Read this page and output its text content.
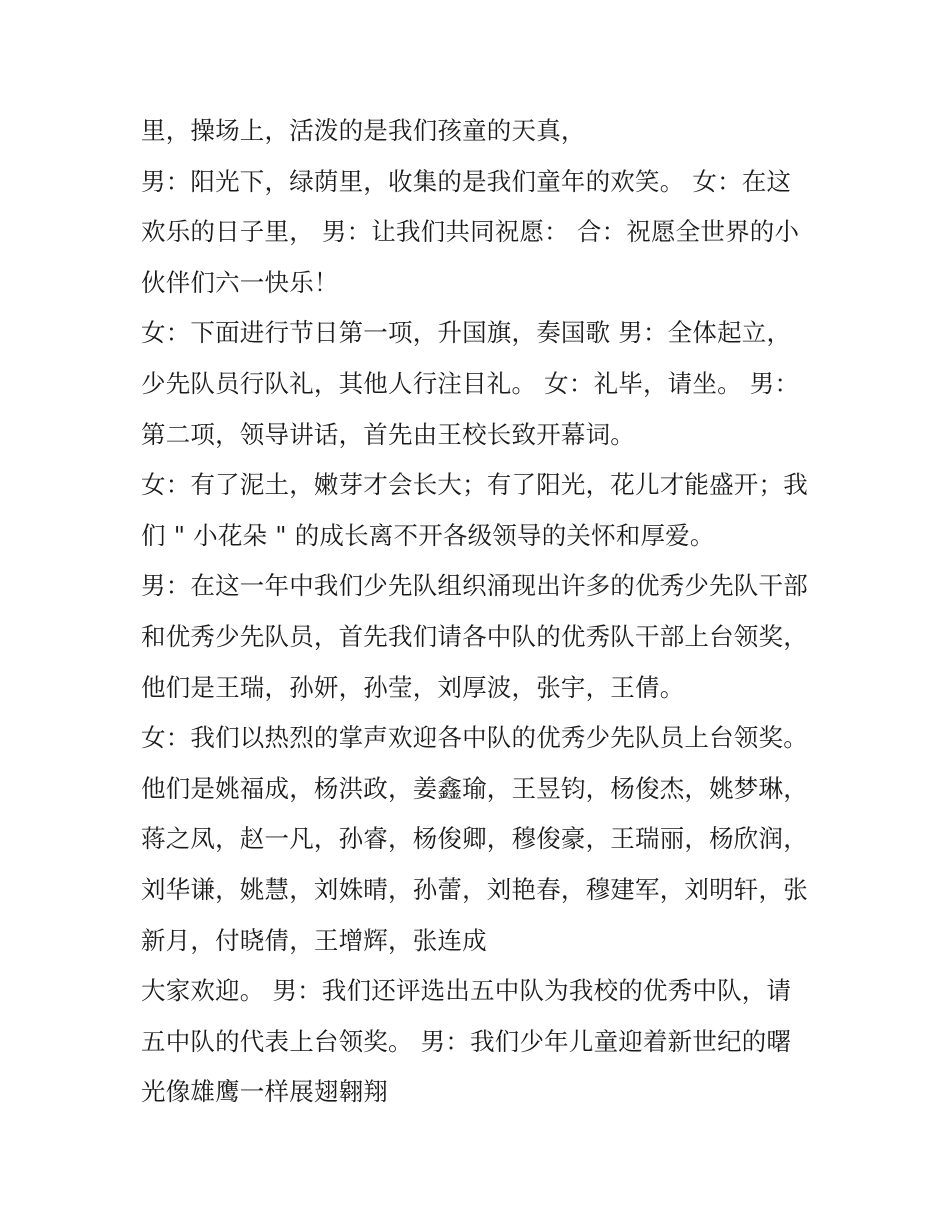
里，操场上，活泼的是我们孩童的天真，
男：阳光下，绿荫里，收集的是我们童年的欢笑。 女：在这
欢乐的日子里， 男：让我们共同祝愿： 合：祝愿全世界的小
伙伴们六一快乐！
女：下面进行节日第一项，升国旗，奏国歌 男：全体起立，
少先队员行队礼，其他人行注目礼。 女：礼毕，请坐。 男：
第二项，领导讲话，首先由王校长致开幕词。
女：有了泥土，嫩芽才会长大；有了阳光，花儿才能盛开；我
们 " 小花朵 " 的成长离不开各级领导的关怀和厚爱。
男：在这一年中我们少先队组织涌现出许多的优秀少先队干部
和优秀少先队员，首先我们请各中队的优秀队干部上台领奖，
他们是王瑞，孙妍，孙莹，刘厚波，张宇，王倩。
女：我们以热烈的掌声欢迎各中队的优秀少先队员上台领奖。
他们是姚福成，杨洪政，姜鑫瑜，王昱钧，杨俊杰，姚梦琳，
蒋之凤，赵一凡，孙睿，杨俊卿，穆俊豪，王瑞丽，杨欣润，
刘华谦，姚慧，刘姝晴，孙蕾，刘艳春，穆建军，刘明轩，张
新月，付晓倩，王增辉，张连成
大家欢迎。 男：我们还评选出五中队为我校的优秀中队，请
五中队的代表上台领奖。 男：我们少年儿童迎着新世纪的曙
光像雄鹰一样展翅翱翔
